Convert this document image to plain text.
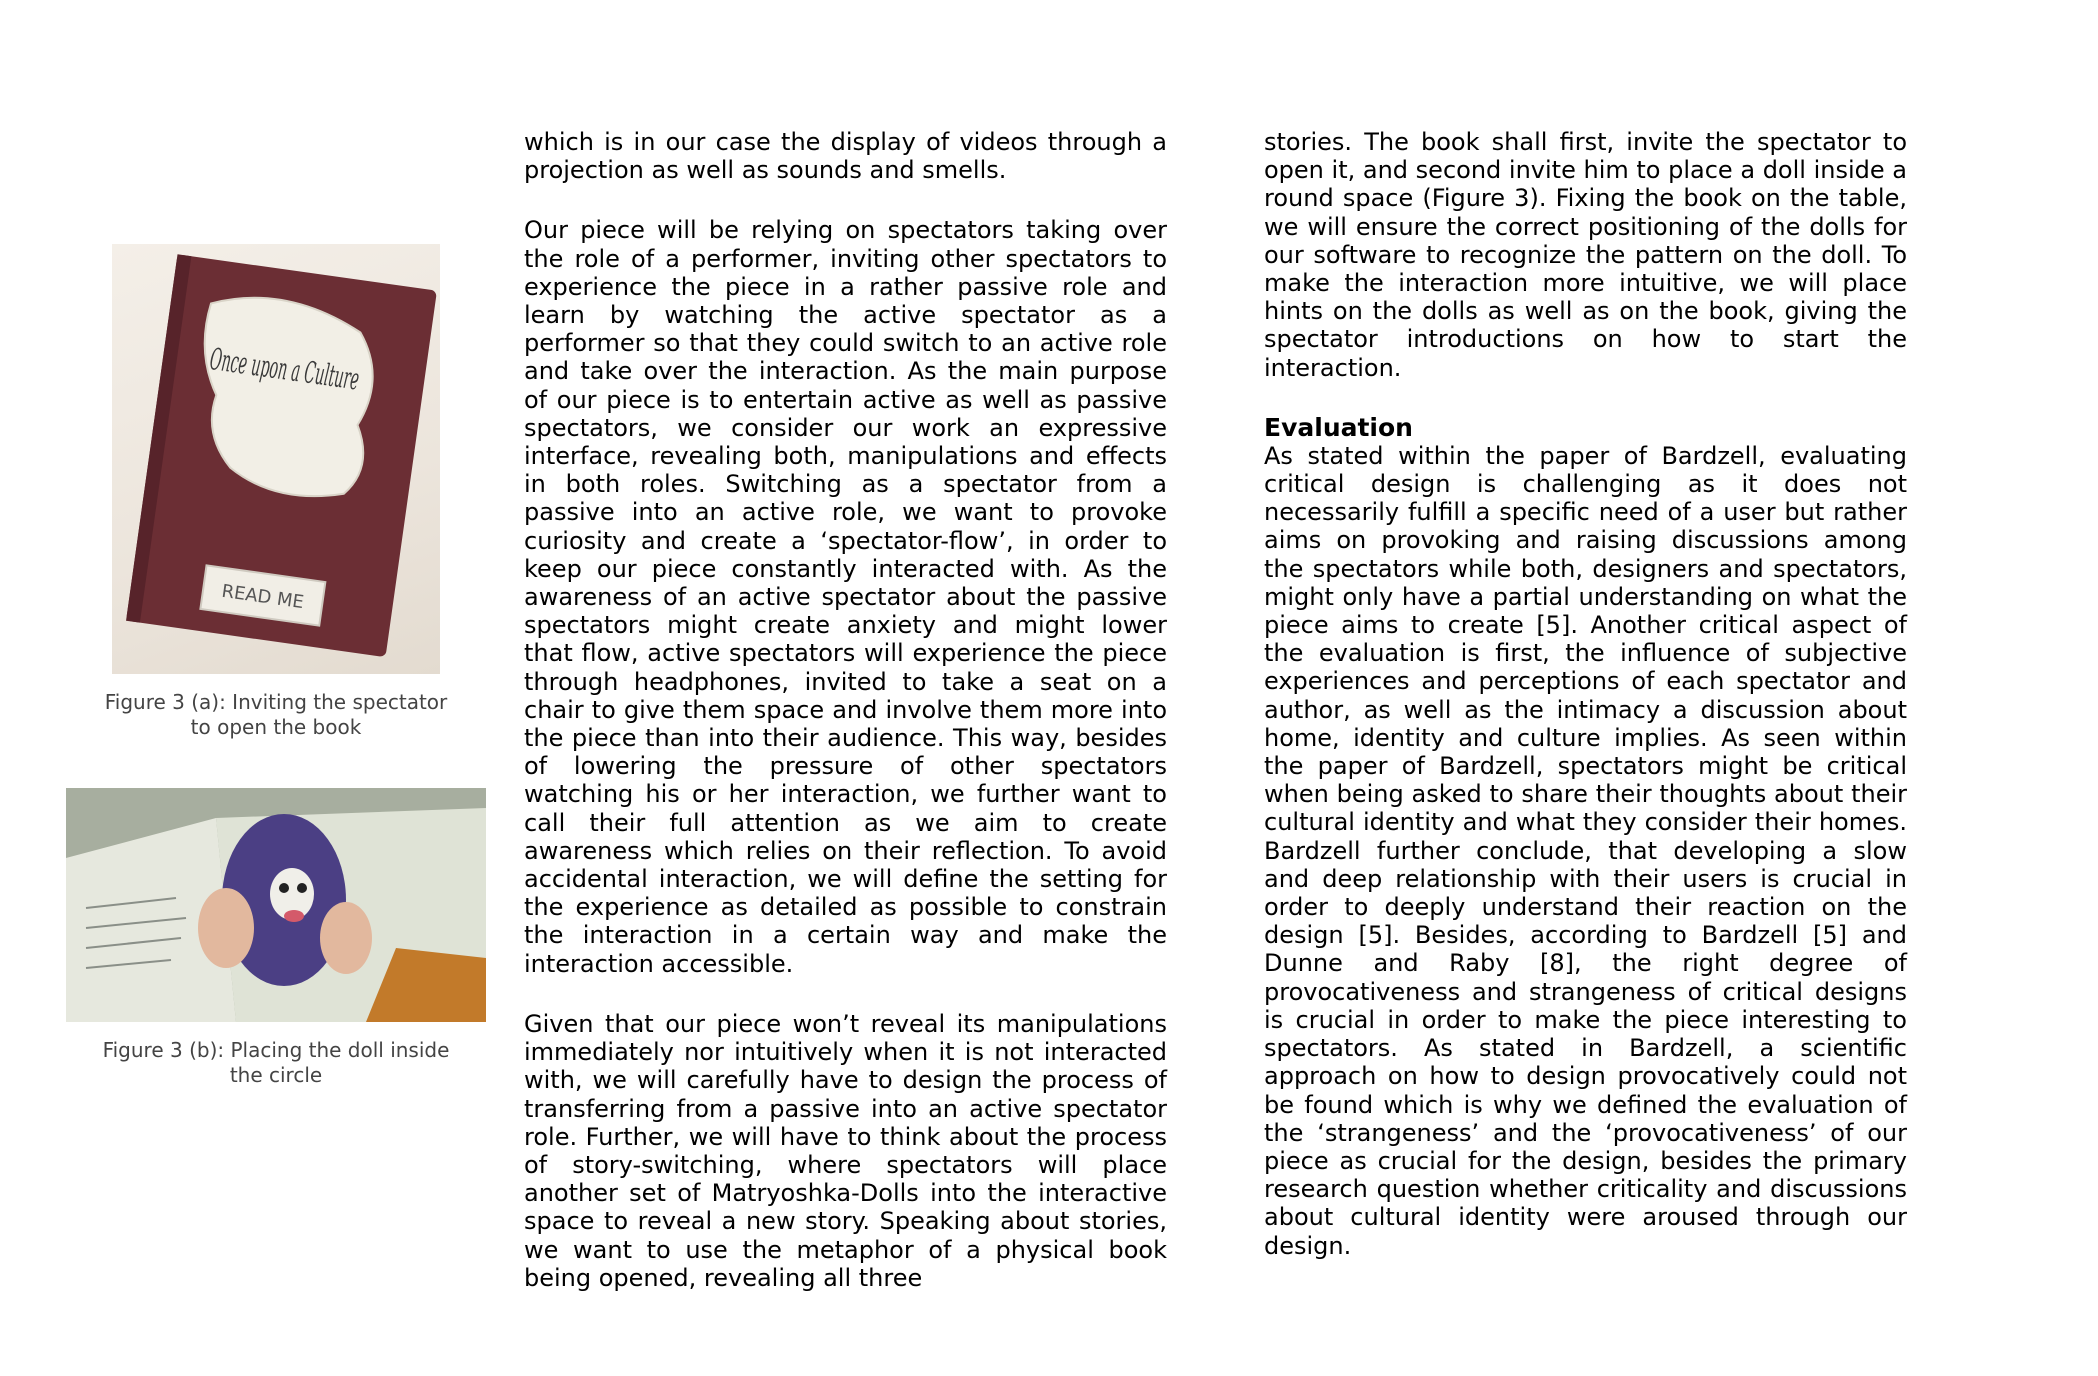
READ ME
Figure 3 (a): Inviting the spectator
to open the book
Figure 3 (b): Placing the doll inside
the circle

which is in our case the display of videos through a projection as well as sounds and smells.

Our piece will be relying on spectators taking over the role of a performer, inviting other spectators to experience the piece in a rather passive role and learn by watching the active spectator as a performer so that they could switch to an active role and take over the interaction. As the main purpose of our piece is to entertain active as well as passive spectators, we consider our work an expressive interface, revealing both, manipulations and effects in both roles. Switching as a spectator from a passive into an active role, we want to provoke curiosity and create a ‘spectator-flow’, in order to keep our piece constantly interacted with. As the awareness of an active spectator about the passive spectators might create anxiety and might lower that flow, active spectators will experience the piece through headphones, invited to take a seat on a chair to give them space and involve them more into the piece than into their audience. This way, besides of lowering the pressure of other spectators watching his or her interaction, we further want to call their full attention as we aim to create awareness which relies on their reflection. To avoid accidental interaction, we will define the setting for the experience as detailed as possible to constrain the interaction in a certain way and make the interaction accessible.

Given that our piece won’t reveal its manipulations immediately nor intuitively when it is not interacted with, we will carefully have to design the process of transferring from a passive into an active spectator role. Further, we will have to think about the process of story-switching, where spectators will place another set of Matryoshka-Dolls into the interactive space to reveal a new story. Speaking about stories, we want to use the metaphor of a physical book being opened, revealing all three

stories. The book shall first, invite the spectator to open it, and second invite him to place a doll inside a round space (Figure 3). Fixing the book on the table, we will ensure the correct positioning of the dolls for our software to recognize the pattern on the doll. To make the interaction more intuitive, we will place hints on the dolls as well as on the book, giving the spectator introductions on how to start the interaction.

Evaluation

As stated within the paper of Bardzell, evaluating critical design is challenging as it does not necessarily fulfill a specific need of a user but rather aims on provoking and raising discussions among the spectators while both, designers and spectators, might only have a partial understanding on what the piece aims to create [5]. Another critical aspect of the evaluation is first, the influence of subjective experiences and perceptions of each spectator and author, as well as the intimacy a discussion about home, identity and culture implies. As seen within the paper of Bardzell, spectators might be critical when being asked to share their thoughts about their cultural identity and what they consider their homes. Bardzell further conclude, that developing a slow and deep relationship with their users is crucial in order to deeply understand their reaction on the design [5]. Besides, according to Bardzell [5] and Dunne and Raby [8], the right degree of provocativeness and strangeness of critical designs is crucial in order to make the piece interesting to spectators. As stated in Bardzell, a scientific approach on how to design provocatively could not be found which is why we defined the evaluation of the ‘strangeness’ and the ‘provocativeness’ of our piece as crucial for the design, besides the primary research question whether criticality and discussions about cultural identity were aroused through our design.
